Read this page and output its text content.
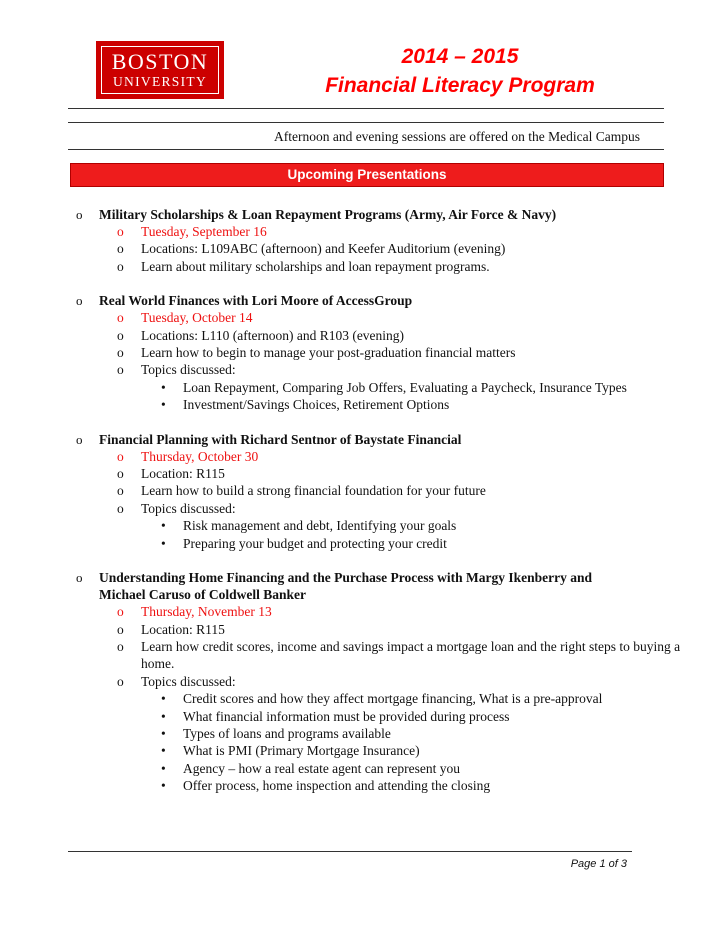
BOSTON
UNIVERSITY
2014 – 2015
Financial Literacy Program
Afternoon and evening sessions are offered on the Medical Campus
Upcoming Presentations
o Military Scholarships & Loan Repayment Programs (Army, Air Force & Navy)
o Tuesday, September 16
o Locations: L109ABC (afternoon) and Keefer Auditorium (evening)
o Learn about military scholarships and loan repayment programs.
o Real World Finances with Lori Moore of AccessGroup
o Tuesday, October 14
o Locations: L110 (afternoon) and R103 (evening)
o Learn how to begin to manage your post-graduation financial matters
o Topics discussed:
• Loan Repayment, Comparing Job Offers, Evaluating a Paycheck, Insurance Types
• Investment/Savings Choices, Retirement Options
o Financial Planning with Richard Sentnor of Baystate Financial
o Thursday, October 30
o Location: R115
o Learn how to build a strong financial foundation for your future
o Topics discussed:
• Risk management and debt, Identifying your goals
• Preparing your budget and protecting your credit
o Understanding Home Financing and the Purchase Process with Margy Ikenberry and Michael Caruso of Coldwell Banker
o Thursday, November 13
o Location: R115
o Learn how credit scores, income and savings impact a mortgage loan and the right steps to buying a home.
o Topics discussed:
• Credit scores and how they affect mortgage financing, What is a pre-approval
• What financial information must be provided during process
• Types of loans and programs available
• What is PMI (Primary Mortgage Insurance)
• Agency – how a real estate agent can represent you
• Offer process, home inspection and attending the closing
Page 1 of 3
